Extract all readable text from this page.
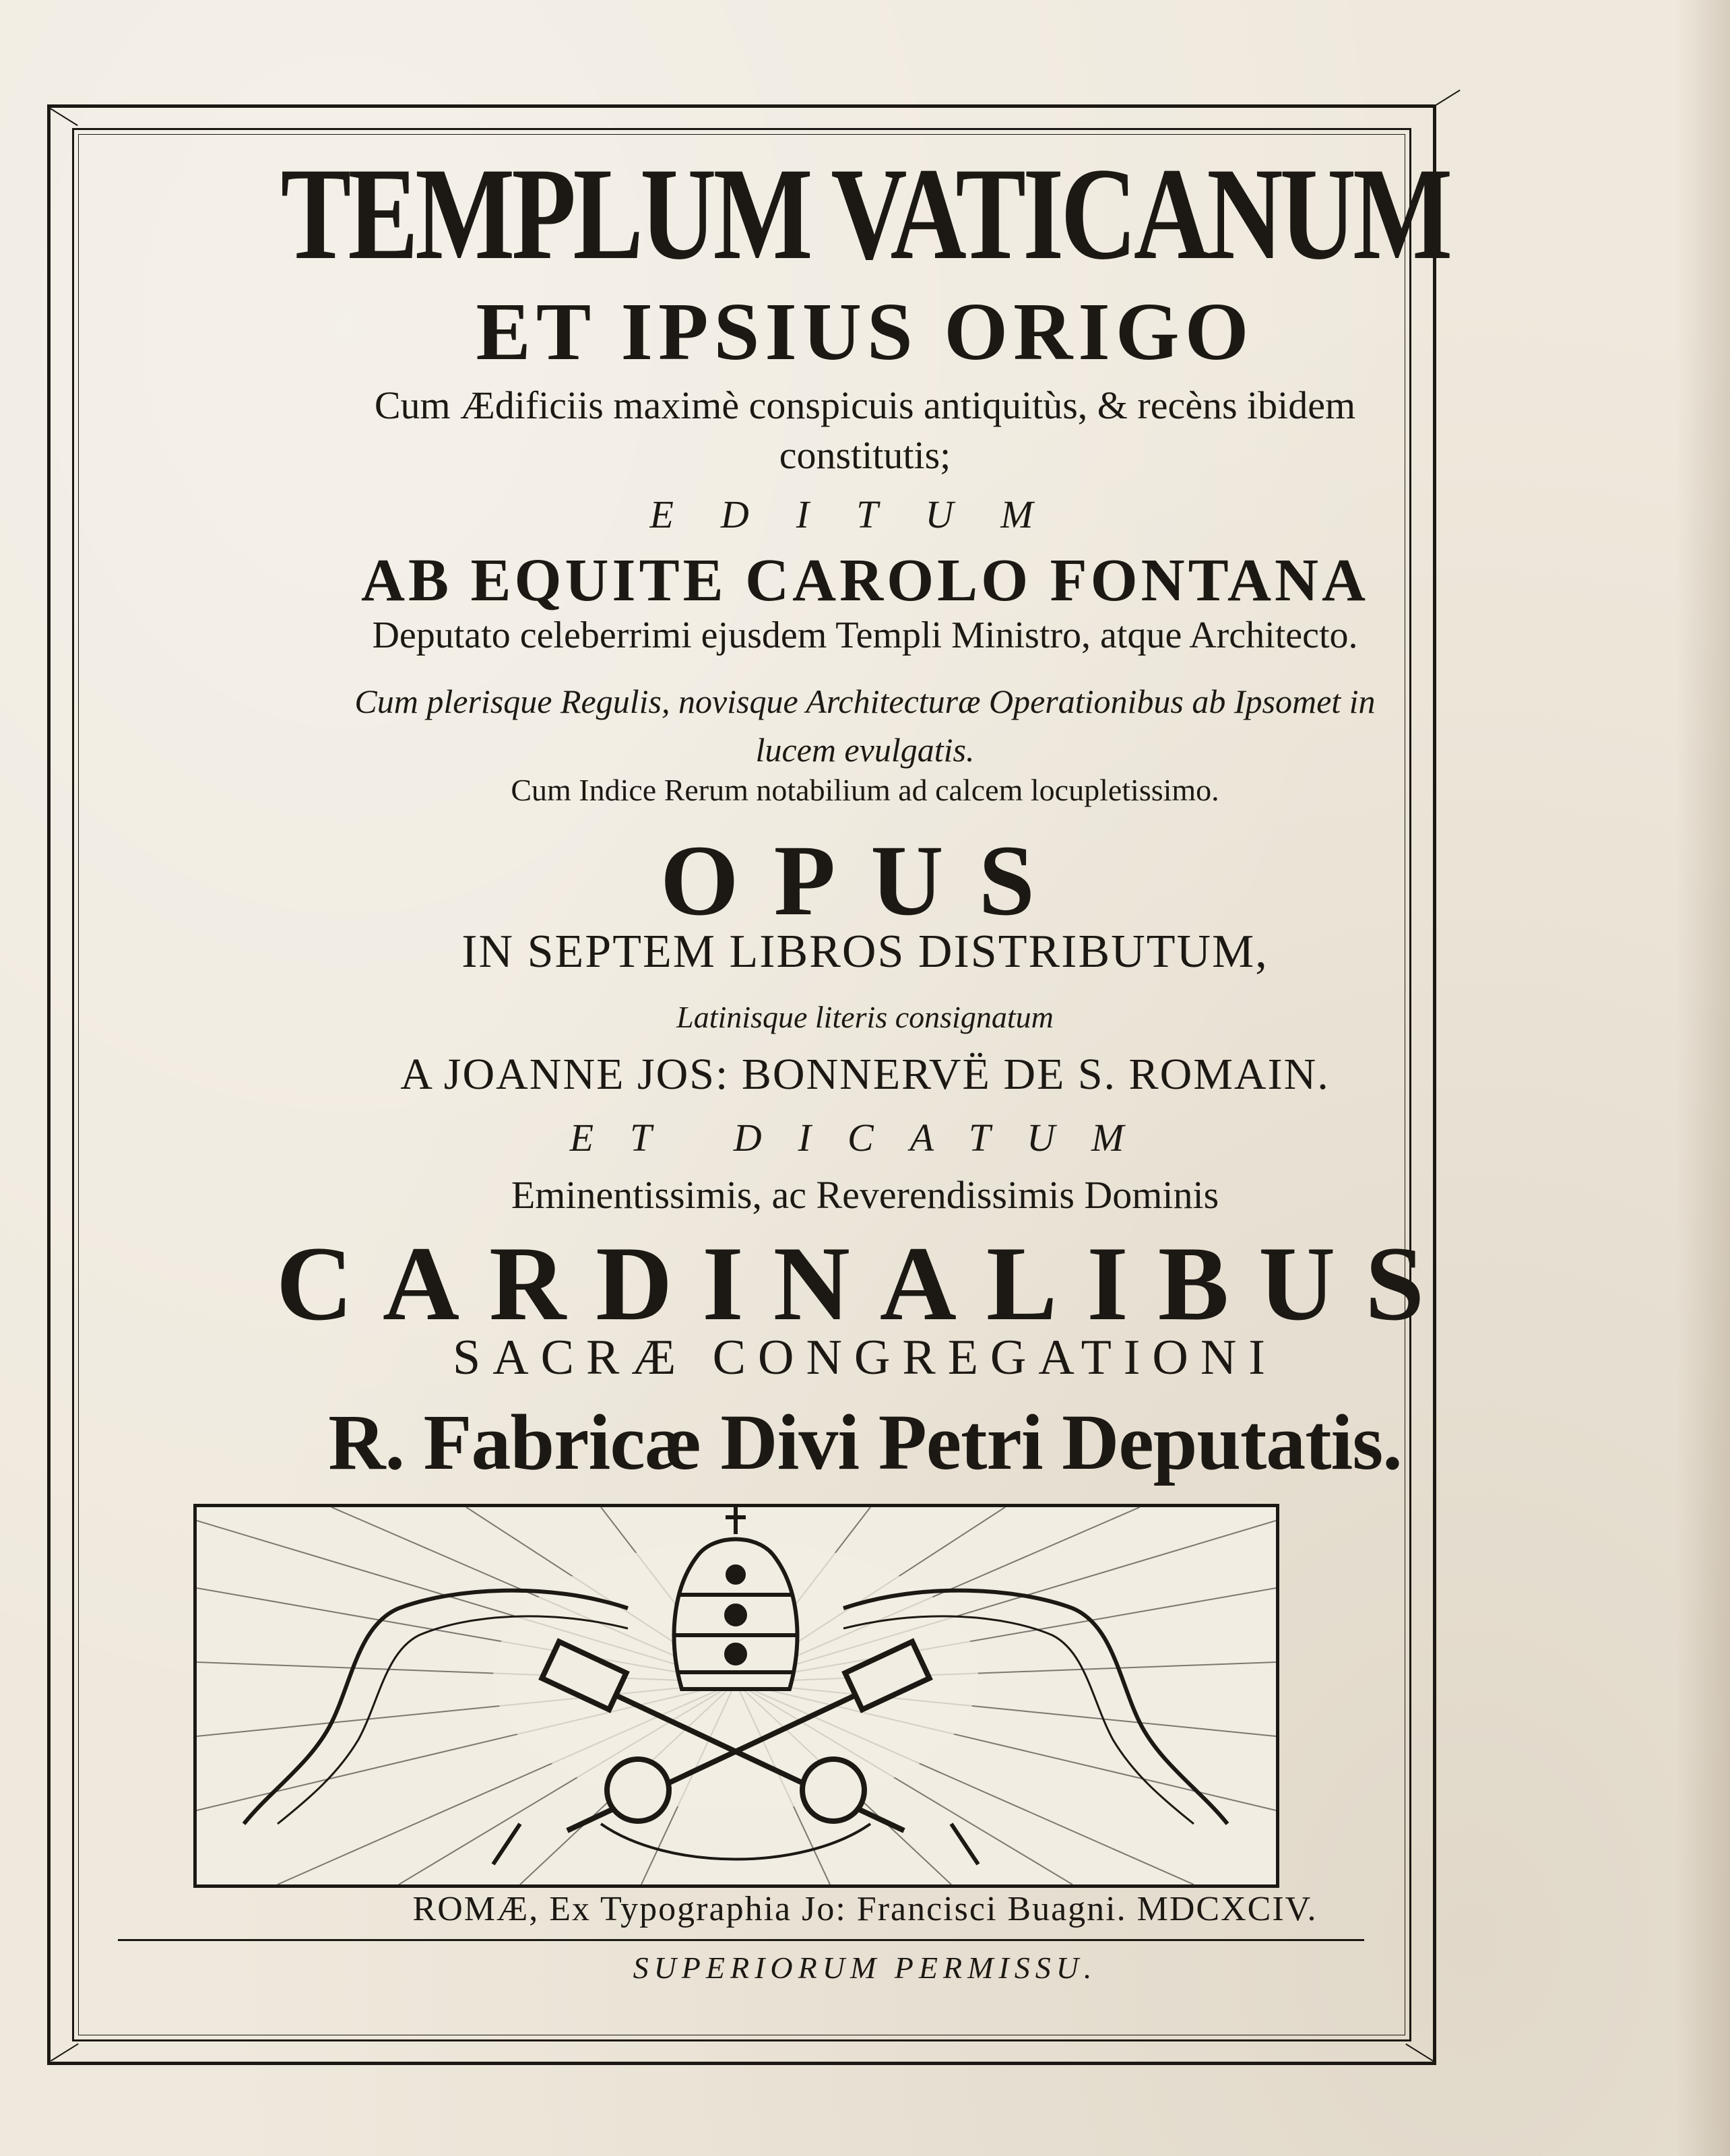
TEMPLUM VATICANUM
ET IPSIUS ORIGO
Cum Ædificiis maximè conspicuis antiquitùs, & recèns ibidem constitutis;
EDITUM
AB EQUITE CAROLO FONTANA
Deputato celeberrimi ejusdem Templi Ministro, atque Architecto.
Cum plerisque Regulis, novisque Architecturæ Operationibus ab Ipsomet in lucem evulgatis.
Cum Indice Rerum notabilium ad calcem locupletissimo.
OPUS
IN SEPTEM LIBROS DISTRIBUTUM,
Latinisque literis consignatum
A JOANNE JOS: BONNERVË DE S. ROMAIN.
ET DICATUM
Eminentissimis, ac Reverendissimis Dominis
CARDINALIBUS
SACRÆ CONGREGATIONI
R. Fabricæ Divi Petri Deputatis.
ROMÆ, Ex Typographia Jo: Francisci Buagni. MDCXCIV.
SUPERIORUM PERMISSU.
